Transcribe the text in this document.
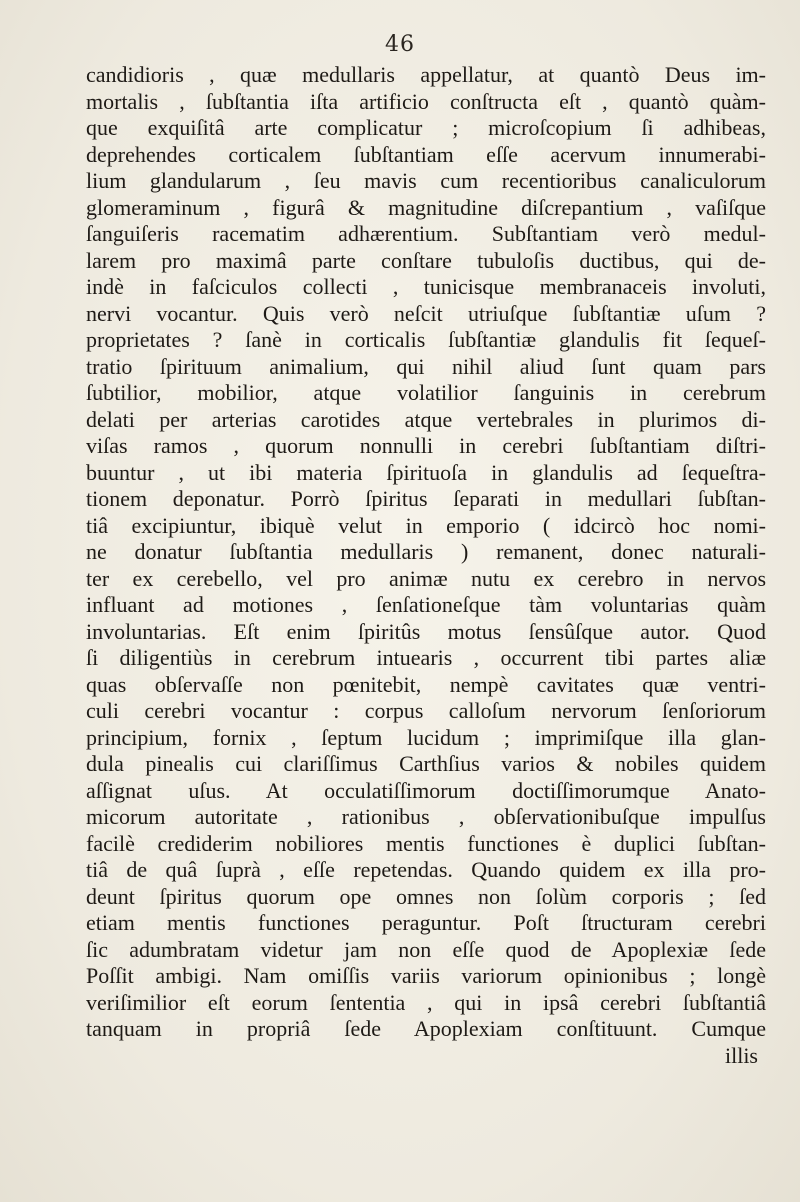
46
candidioris , quæ medullaris appellatur, at quantò Deus im-
mortalis , ſubſtantia iſta artificio conſtructa eſt , quantò quàm-
que exquiſitâ arte complicatur ; microſcopium ſi adhibeas,
deprehendes corticalem ſubſtantiam eſſe acervum innumerabi-
lium glandularum , ſeu mavis cum recentioribus canaliculorum
glomeraminum , figurâ & magnitudine diſcrepantium , vaſiſque
ſanguiſeris racematim adhærentium. Subſtantiam verò medul-
larem pro maximâ parte conſtare tubuloſis ductibus, qui de-
indè in faſciculos collecti , tunicisque membranaceis involuti,
nervi vocantur. Quis verò neſcit utriuſque ſubſtantiæ uſum ?
proprietates ? ſanè in corticalis ſubſtantiæ glandulis fit ſequeſ-
tratio ſpirituum animalium, qui nihil aliud ſunt quam pars
ſubtilior, mobilior, atque volatilior ſanguinis in cerebrum
delati per arterias carotides atque vertebrales in plurimos di-
viſas ramos , quorum nonnulli in cerebri ſubſtantiam diſtri-
buuntur , ut ibi materia ſpirituoſa in glandulis ad ſequeſtra-
tionem deponatur. Porrò ſpiritus ſeparati in medullari ſubſtan-
tiâ excipiuntur, ibiquè velut in emporio ( idcircò hoc nomi-
ne donatur ſubſtantia medullaris ) remanent, donec naturali-
ter ex cerebello, vel pro animæ nutu ex cerebro in nervos
influant ad motiones , ſenſationeſque tàm voluntarias quàm
involuntarias. Eſt enim ſpiritûs motus ſensûſque autor. Quod
ſi diligentiùs in cerebrum intuearis , occurrent tibi partes aliæ
quas obſervaſſe non pœnitebit, nempè cavitates quæ ventri-
culi cerebri vocantur : corpus calloſum nervorum ſenſoriorum
principium, fornix , ſeptum lucidum ; imprimiſque illa glan-
dula pinealis cui clariſſimus Carthſius varios & nobiles quidem
aſſignat uſus. At occulatiſſimorum doctiſſimorumque Anato-
micorum autoritate , rationibus , obſervationibuſque impulſus
facilè crediderim nobiliores mentis functiones è duplici ſubſtan-
tiâ de quâ ſuprà , eſſe repetendas. Quando quidem ex illa pro-
deunt ſpiritus quorum ope omnes non ſolùm corporis ; ſed
etiam mentis functiones peraguntur. Poſt ſtructuram cerebri
ſic adumbratam videtur jam non eſſe quod de Apoplexiæ ſede
Poſſit ambigi. Nam omiſſis variis variorum opinionibus ; longè
veriſimilior eſt eorum ſententia , qui in ipsâ cerebri ſubſtantiâ
tanquam in propriâ ſede Apoplexiam conſtituunt. Cumque
illis
